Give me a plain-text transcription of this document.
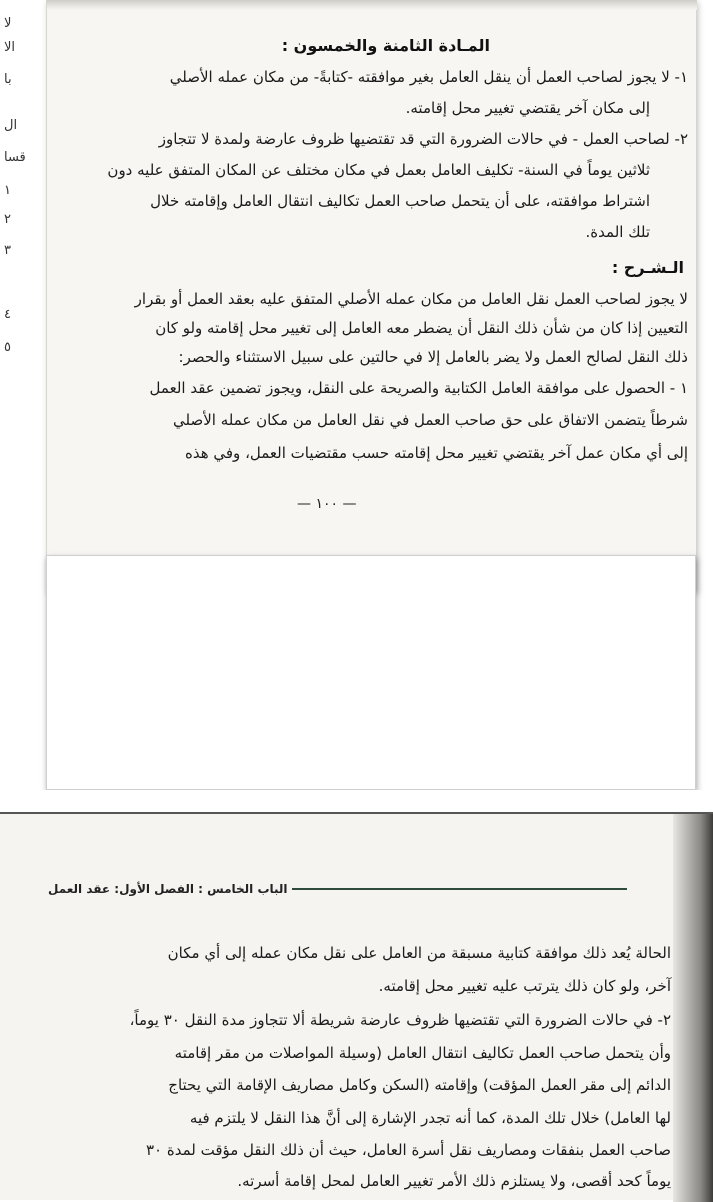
لا
الا
با
ال
قسا
١
٢
٣
٤
٥
المـادة الثامنة والخمسون :
١- لا يجوز لصاحب العمل أن ينقل العامل بغير موافقته -كتابةً- من مكان عمله الأصلي
إلى مكان آخر يقتضي تغيير محل إقامته.
٢- لصاحب العمل - في حالات الضرورة التي قد تقتضيها ظروف عارضة ولمدة لا تتجاوز
ثلاثين يوماً في السنة- تكليف العامل بعمل في مكان مختلف عن المكان المتفق عليه دون
اشتراط موافقته، على أن يتحمل صاحب العمل تكاليف انتقال العامل وإقامته خلال
تلك المدة.
الـشـرح :
لا يجوز لصاحب العمل نقل العامل من مكان عمله الأصلي المتفق عليه بعقد العمل أو بقرار
التعيين إذا كان من شأن ذلك النقل أن يضطر معه العامل إلى تغيير محل إقامته ولو كان
ذلك النقل لصالح العمل ولا يضر بالعامل إلا في حالتين على سبيل الاستثناء والحصر:
١ - الحصول على موافقة العامل الكتابية والصريحة على النقل، ويجوز تضمين عقد العمل
شرطاً يتضمن الاتفاق على حق صاحب العمل في نقل العامل من مكان عمله الأصلي
إلى أي مكان عمل آخر يقتضي تغيير محل إقامته حسب مقتضيات العمل، وفي هذه
— ١٠٠ —
الباب الخامس : الفصل الأول: عقد العمل
الحالة يُعد ذلك موافقة كتابية مسبقة من العامل على نقل مكان عمله إلى أي مكان
آخر، ولو كان ذلك يترتب عليه تغيير محل إقامته.
٢- في حالات الضرورة التي تقتضيها ظروف عارضة شريطة ألا تتجاوز مدة النقل ٣٠ يوماً،
وأن يتحمل صاحب العمل تكاليف انتقال العامل (وسيلة المواصلات من مقر إقامته
الدائم إلى مقر العمل المؤقت) وإقامته (السكن وكامل مصاريف الإقامة التي يحتاج
لها العامل) خلال تلك المدة، كما أنه تجدر الإشارة إلى أنَّ هذا النقل لا يلتزم فيه
صاحب العمل بنفقات ومصاريف نقل أسرة العامل، حيث أن ذلك النقل مؤقت لمدة ٣٠
يوماً كحد أقصى، ولا يستلزم ذلك الأمر تغيير العامل لمحل إقامة أسرته.
